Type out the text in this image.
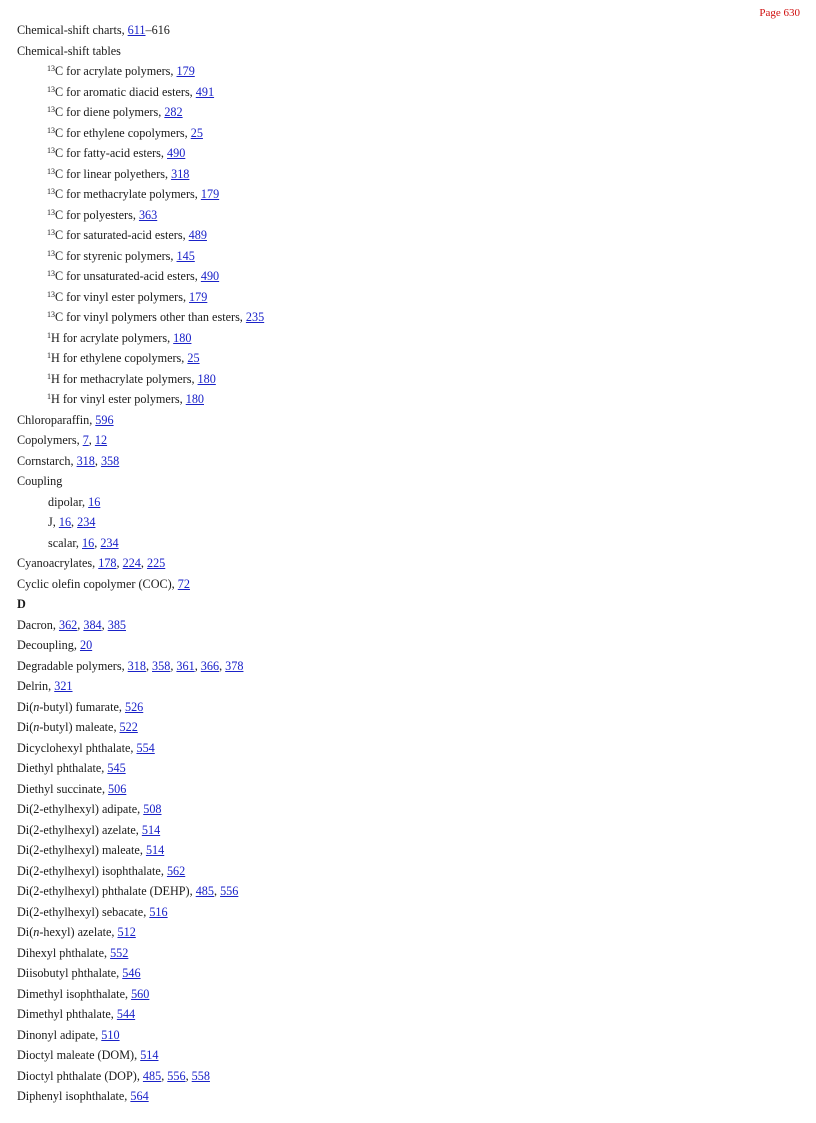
Page 630
Chemical-shift charts, 611–616
Chemical-shift tables
$^{13}$C for acrylate polymers, 179
$^{13}$C for aromatic diacid esters, 491
$^{13}$C for diene polymers, 282
$^{13}$C for ethylene copolymers, 25
$^{13}$C for fatty-acid esters, 490
$^{13}$C for linear polyethers, 318
$^{13}$C for methacrylate polymers, 179
$^{13}$C for polyesters, 363
$^{13}$C for saturated-acid esters, 489
$^{13}$C for styrenic polymers, 145
$^{13}$C for unsaturated-acid esters, 490
$^{13}$C for vinyl ester polymers, 179
$^{13}$C for vinyl polymers other than esters, 235
$^1$H for acrylate polymers, 180
$^1$H for ethylene copolymers, 25
$^1$H for methacrylate polymers, 180
$^1$H for vinyl ester polymers, 180
Chloroparaffin, 596
Copolymers, 7, 12
Cornstarch, 318, 358
Coupling
dipolar, 16
J, 16, 234
scalar, 16, 234
Cyanoacrylates, 178, 224, 225
Cyclic olefin copolymer (COC), 72
D
Dacron, 362, 384, 385
Decoupling, 20
Degradable polymers, 318, 358, 361, 366, 378
Delrin, 321
Di(n-butyl) fumarate, 526
Di(n-butyl) maleate, 522
Dicyclohexyl phthalate, 554
Diethyl phthalate, 545
Diethyl succinate, 506
Di(2-ethylhexyl) adipate, 508
Di(2-ethylhexyl) azelate, 514
Di(2-ethylhexyl) maleate, 514
Di(2-ethylhexyl) isophthalate, 562
Di(2-ethylhexyl) phthalate (DEHP), 485, 556
Di(2-ethylhexyl) sebacate, 516
Di(n-hexyl) azelate, 512
Dihexyl phthalate, 552
Diisobutyl phthalate, 546
Dimethyl isophthalate, 560
Dimethyl phthalate, 544
Dinonyl adipate, 510
Dioctyl maleate (DOM), 514
Dioctyl phthalate (DOP), 485, 556, 558
Diphenyl isophthalate, 564
